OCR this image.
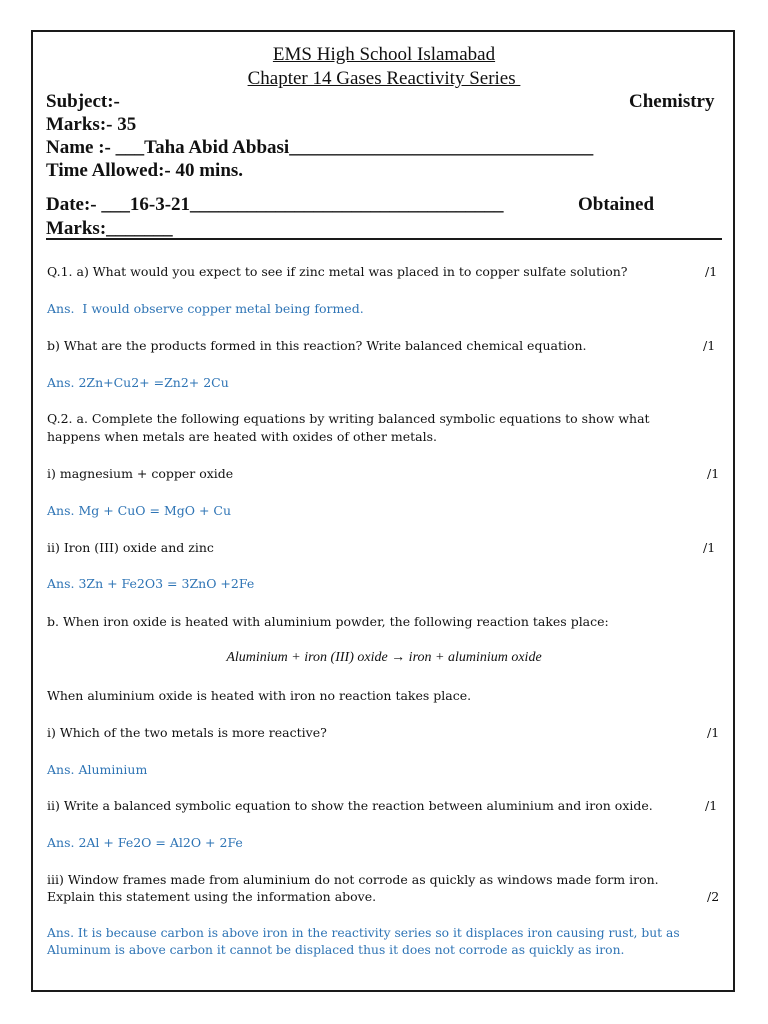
EMS High School Islamabad
Chapter 14 Gases Reactivity Series
Subject:-	Chemistry
Marks:- 35
Name :- ___Taha Abid Abbasi________________________________
Time Allowed:- 40 mins.
Date:- ___16-3-21_________________________________	Obtained
Marks:_______
Q.1. a) What would you expect to see if zinc metal was placed in to copper sulfate solution?	/1
Ans.  I would observe copper metal being formed.
b) What are the products formed in this reaction? Write balanced chemical equation.	/1
Ans. 2Zn+Cu2+ =Zn2+ 2Cu
Q.2. a. Complete the following equations by writing balanced symbolic equations to show what
happens when metals are heated with oxides of other metals.
i) magnesium + copper oxide	/1
Ans. Mg + CuO = MgO + Cu
ii) Iron (III) oxide and zinc	/1
Ans. 3Zn + Fe2O3 = 3ZnO +2Fe
b. When iron oxide is heated with aluminium powder, the following reaction takes place:
Aluminium + iron (III) oxide → iron + aluminium oxide
When aluminium oxide is heated with iron no reaction takes place.
i) Which of the two metals is more reactive?	/1
Ans. Aluminium
ii) Write a balanced symbolic equation to show the reaction between aluminium and iron oxide.	/1
Ans. 2Al + Fe2O = Al2O + 2Fe
iii) Window frames made from aluminium do not corrode as quickly as windows made form iron.
Explain this statement using the information above.	/2
Ans. It is because carbon is above iron in the reactivity series so it displaces iron causing rust, but as
Aluminum is above carbon it cannot be displaced thus it does not corrode as quickly as iron.
